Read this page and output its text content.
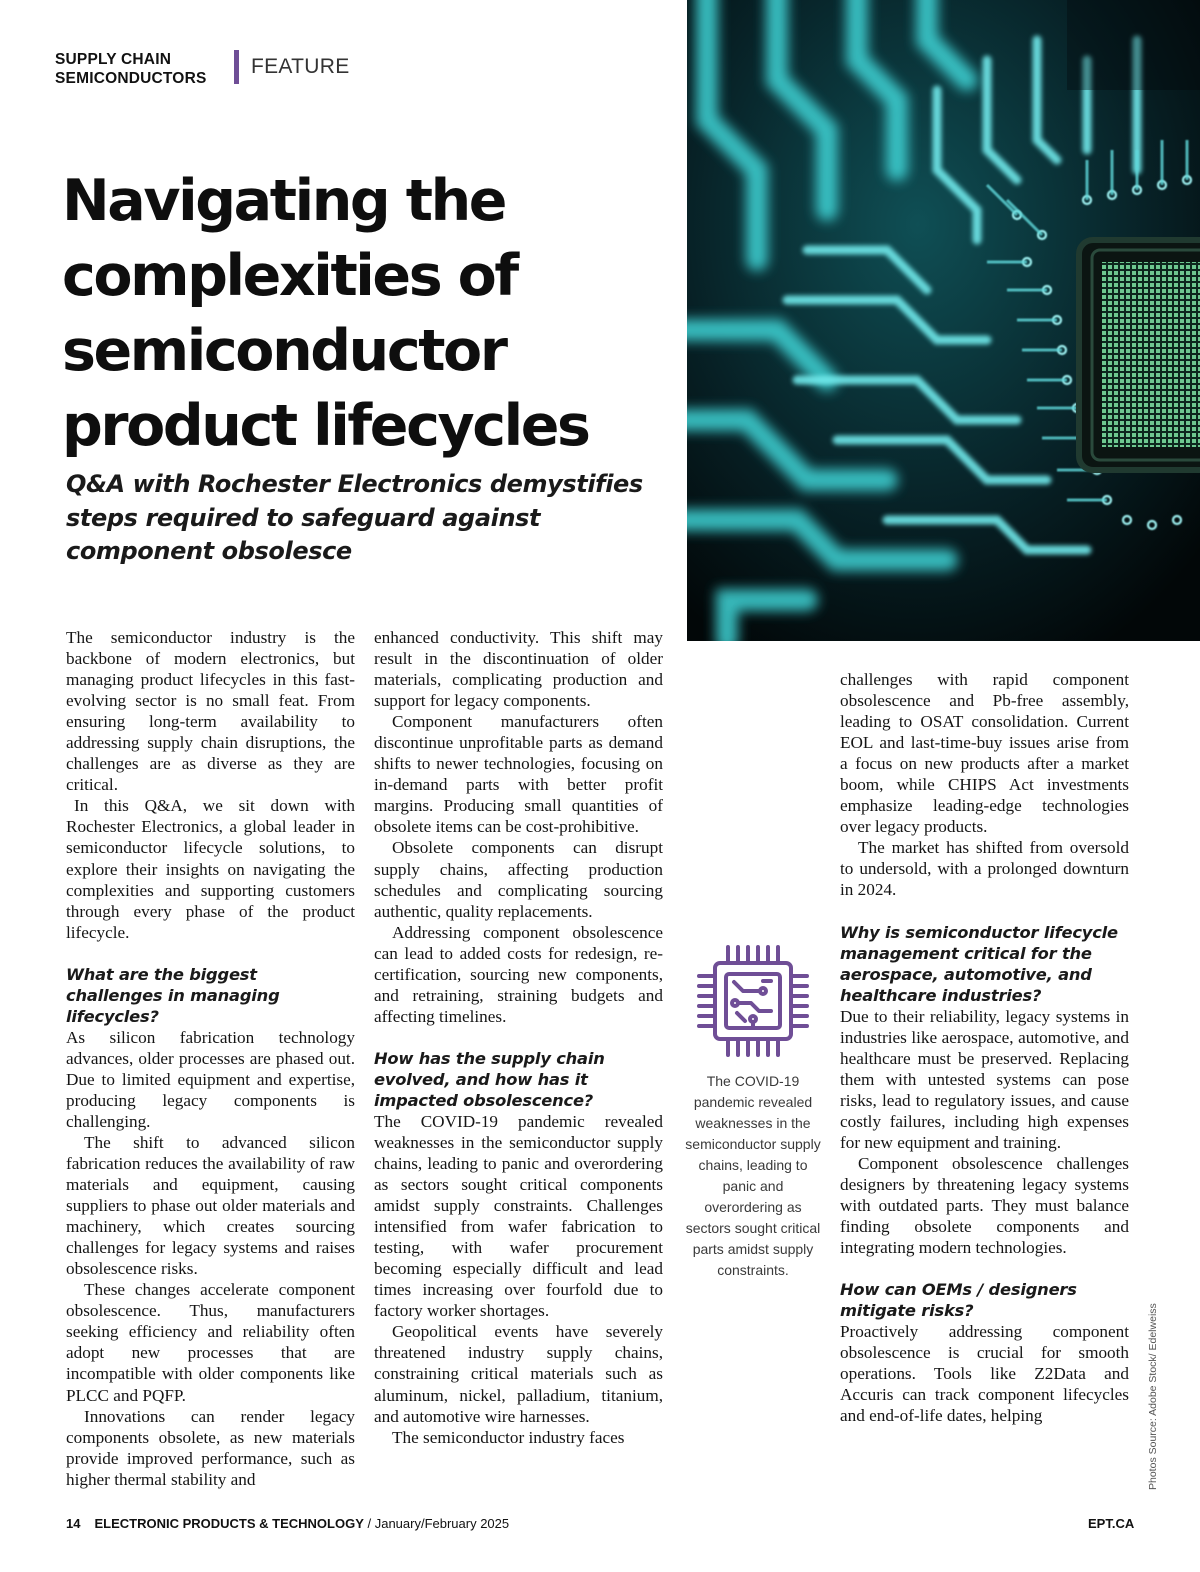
SUPPLY CHAIN
SEMICONDUCTORS
FEATURE
Navigating the complexities of semiconductor product lifecycles

Q&A with Rochester Electronics demystifies steps required to safeguard against component obsolesce

The semiconductor industry is the backbone of modern electronics, but managing product lifecycles in this fast-evolving sector is no small feat. From ensuring long-term availability to addressing supply chain disruptions, the challenges are as diverse as they are critical.

In this Q&A, we sit down with Rochester Electronics, a global leader in semiconductor lifecycle solutions, to explore their insights on navigating the complexities and supporting customers through every phase of the product lifecycle.

What are the biggest challenges in managing lifecycles?

As silicon fabrication technology advances, older processes are phased out. Due to limited equipment and expertise, producing legacy components is challenging.

The shift to advanced silicon fabrication reduces the availability of raw materials and equipment, causing suppliers to phase out older materials and machinery, which creates sourcing challenges for legacy systems and raises obsolescence risks.

These changes accelerate component obsolescence. Thus, manufacturers seeking efficiency and reliability often adopt new processes that are incompatible with older components like PLCC and PQFP.

Innovations can render legacy components obsolete, as new materials provide improved performance, such as higher thermal stability and

enhanced conductivity. This shift may result in the discontinuation of older materials, complicating production and support for legacy components.

Component manufacturers often discontinue unprofitable parts as demand shifts to newer technologies, focusing on in-demand parts with better profit margins. Producing small quantities of obsolete items can be cost-prohibitive.

Obsolete components can disrupt supply chains, affecting production schedules and complicating sourcing authentic, quality replacements.

Addressing component obsolescence can lead to added costs for redesign, re-certification, sourcing new components, and retraining, straining budgets and affecting timelines.

How has the supply chain evolved, and how has it impacted obsolescence?

The COVID-19 pandemic revealed weaknesses in the semiconductor supply chains, leading to panic and overordering as sectors sought critical components amidst supply constraints. Challenges intensified from wafer fabrication to testing, with wafer procurement becoming especially difficult and lead times increasing over fourfold due to factory worker shortages.

Geopolitical events have severely threatened industry supply chains, constraining critical materials such as aluminum, nickel, palladium, titanium, and automotive wire harnesses.

The semiconductor industry faces

The COVID-19 pandemic revealed weaknesses in the semiconductor supply chains, leading to panic and overordering as sectors sought critical parts amidst supply constraints.

challenges with rapid component obsolescence and Pb-free assembly, leading to OSAT consolidation. Current EOL and last-time-buy issues arise from a focus on new products after a market boom, while CHIPS Act investments emphasize leading-edge technologies over legacy products.

The market has shifted from oversold to undersold, with a prolonged downturn in 2024.

Why is semiconductor lifecycle management critical for the aerospace, automotive, and healthcare industries?

Due to their reliability, legacy systems in industries like aerospace, automotive, and healthcare must be preserved. Replacing them with untested systems can pose risks, lead to regulatory issues, and cause costly failures, including high expenses for new equipment and training.

Component obsolescence challenges designers by threatening legacy systems with outdated parts. They must balance finding obsolete components and integrating modern technologies.

How can OEMs / designers mitigate risks?

Proactively addressing component obsolescence is crucial for smooth operations. Tools like Z2Data and Accuris can track component lifecycles and end-of-life dates, helping	Photos Source: Adobe Stock/ Edelweiss
14 ELECTRONIC PRODUCTS & TECHNOLOGY / January/February 2025	EPT.CA
